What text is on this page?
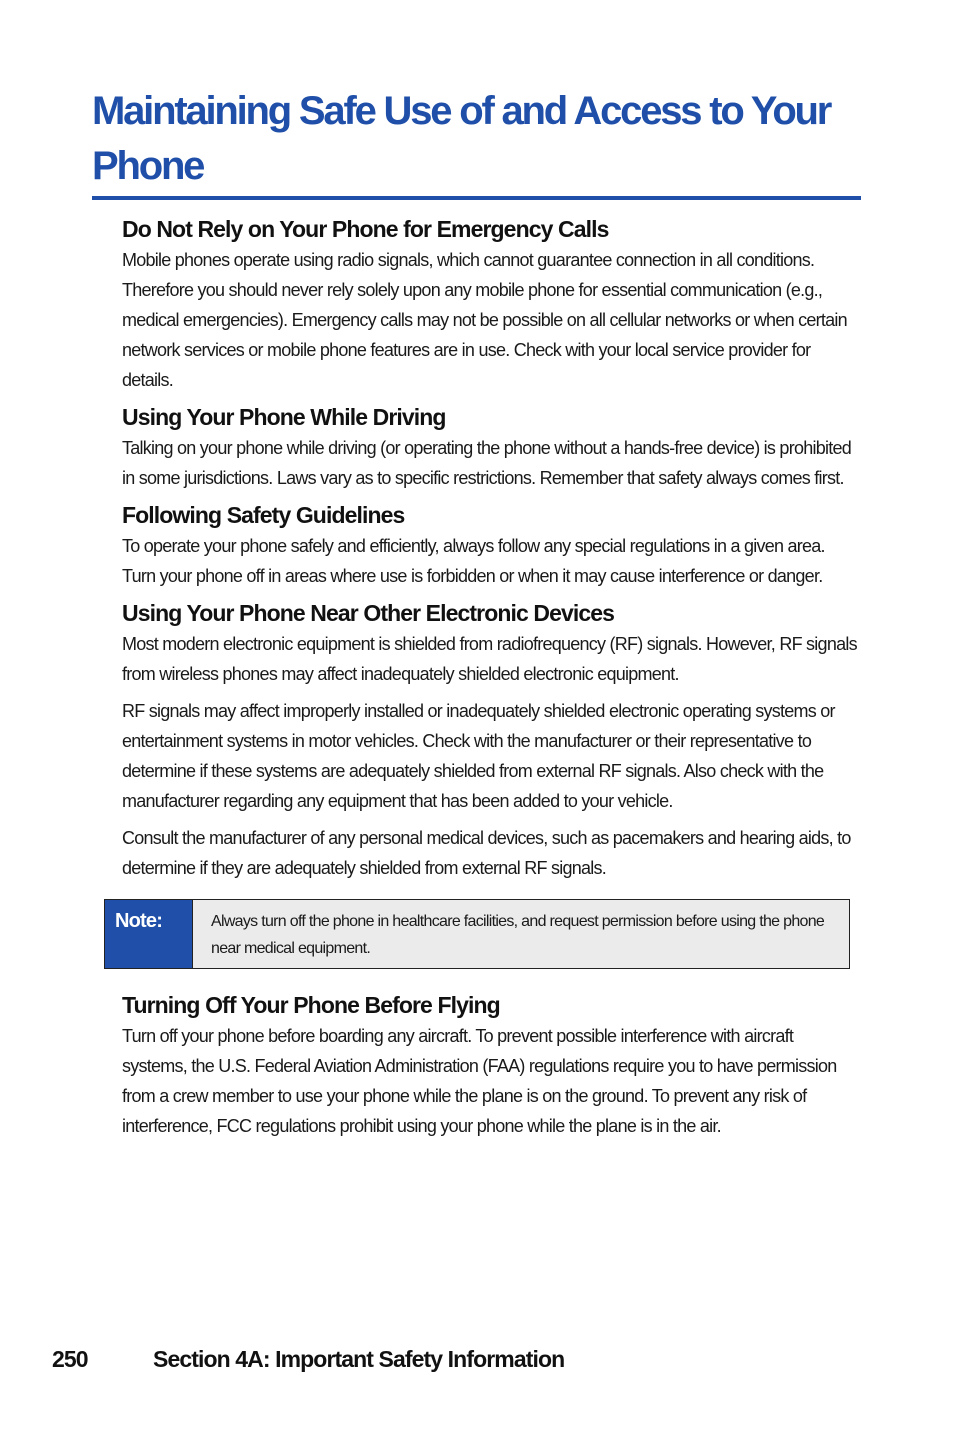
Maintaining Safe Use of and Access to Your Phone
Do Not Rely on Your Phone for Emergency Calls

Mobile phones operate using radio signals, which cannot guarantee connection in all conditions. Therefore you should never rely solely upon any mobile phone for essential communication (e.g., medical emergencies). Emergency calls may not be possible on all cellular networks or when certain network services or mobile phone features are in use. Check with your local service provider for details.

Using Your Phone While Driving

Talking on your phone while driving (or operating the phone without a hands-free device) is prohibited in some jurisdictions. Laws vary as to specific restrictions. Remember that safety always comes first.

Following Safety Guidelines

To operate your phone safely and efficiently, always follow any special regulations in a given area. Turn your phone off in areas where use is forbidden or when it may cause interference or danger.

Using Your Phone Near Other Electronic Devices

Most modern electronic equipment is shielded from radiofrequency (RF) signals. However, RF signals from wireless phones may affect inadequately shielded electronic equipment.

RF signals may affect improperly installed or inadequately shielded electronic operating systems or entertainment systems in motor vehicles. Check with the manufacturer or their representative to determine if these systems are adequately shielded from external RF signals. Also check with the manufacturer regarding any equipment that has been added to your vehicle.

Consult the manufacturer of any personal medical devices, such as pacemakers and hearing aids, to determine if they are adequately shielded from external RF signals.

Note:	Always turn off the phone in healthcare facilities, and request permission before using the phone near medical equipment.
Turning Off Your Phone Before Flying

Turn off your phone before boarding any aircraft. To prevent possible interference with aircraft systems, the U.S. Federal Aviation Administration (FAA) regulations require you to have permission from a crew member to use your phone while the plane is on the ground. To prevent any risk of interference, FCC regulations prohibit using your phone while the plane is in the air.

250	Section 4A: Important Safety Information
